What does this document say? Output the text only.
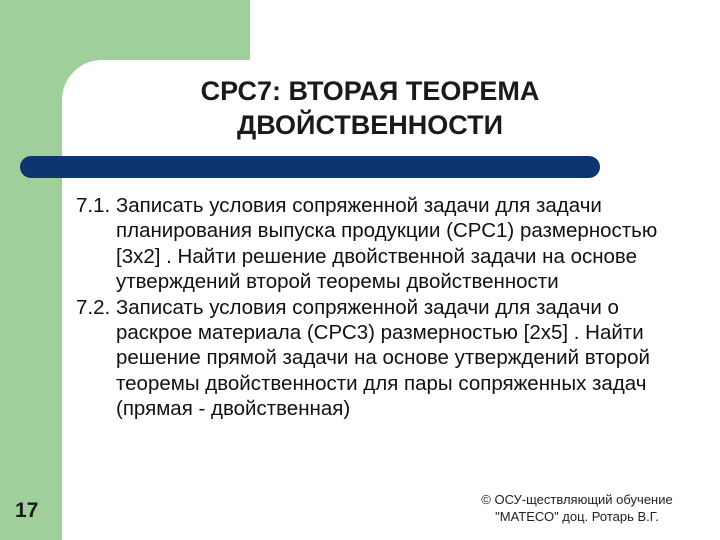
СРС7: ВТОРАЯ ТЕОРЕМА
ДВОЙСТВЕННОСТИ

7.1. Записать условия сопряженной задачи для задачи планирования выпуска продукции (СРС1) размерностью [3х2] . Найти решение двойственной задачи на основе утверждений второй теоремы двойственности

7.2. Записать условия сопряженной задачи для задачи о раскрое материала (СРС3) размерностью [2х5] . Найти решение прямой задачи на основе утверждений второй теоремы двойственности для пары сопряженных задач (прямая - двойственная)

17	© ОСУ-ществляющий обучение
"МАТЕСО" доц. Ротарь В.Г.
